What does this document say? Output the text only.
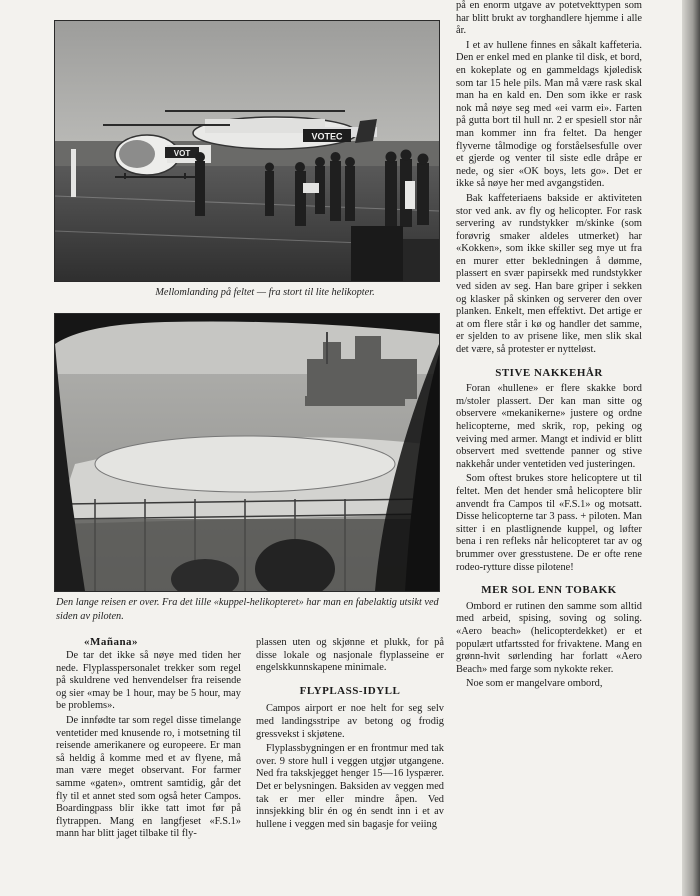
VOTEC
VOT
Mellomlanding på feltet — fra stort til lite helikopter.
Den lange reisen er over. Fra det lille «kuppel-helikopteret» har man en fabelaktig utsikt ved siden av piloten.
«Mañana»

De tar det ikke så nøye med tiden her nede. Flyplasspersonalet trekker som regel på skuldrene ved henvendelser fra reisende og sier «may be 1 hour, may be 5 hour, may be problems».

De innfødte tar som regel disse timelange ventetider med knusende ro, i motsetning til reisende amerikanere og europeere. Er man så heldig å komme med et av flyene, må man være meget observant. For farmer samme «gaten», omtrent samtidig, går det fly til et annet sted som også heter Campos. Boardingpass blir ikke tatt imot før på flytrappen. Mang en langfjeset «F.S.1» mann har blitt jaget tilbake til fly-

plassen uten og skjønne et plukk, for på disse lokale og nasjonale flyplasseine er engelskkunnskapene minimale.

FLYPLASS-IDYLL

Campos airport er noe helt for seg selv med landingsstripe av betong og frodig gressvekst i skjøtene.

Flyplassbygningen er en frontmur med tak over. 9 store hull i veggen utgjør utgangene. Ned fra takskjegget henger 15—16 lyspærer. Det er belysningen. Baksiden av veggen med tak er mer eller mindre åpen. Ved innsjekking blir én og én sendt inn i et av hullene i veggen med sin bagasje for veiing

på en enorm utgave av potetvekttypen som har blitt brukt av torghandlere hjemme i alle år.

I et av hullene finnes en såkalt kaffeteria. Den er enkel med en planke til disk, et bord, en kokeplate og en gammeldags kjøledisk som tar 15 hele pils. Man må være rask skal man ha en kald en. Den som ikke er rask nok må nøye seg med «ei varm ei». Farten på gutta bort til hull nr. 2 er spesiell stor når man kommer inn fra feltet. Da henger flyverne tålmodige og forståelsesfulle over et gjerde og venter til siste edle dråpe er nede, og sier «OK boys, lets go». Det er ikke så nøye her med avgangstiden.

Bak kaffeteriaens bakside er aktiviteten stor ved ank. av fly og helicopter. For rask servering av rundstykker m/skinke (som forøvrig smaker aldeles utmerket) har «Kokken», som ikke skiller seg mye ut fra en murer etter bekledningen å dømme, plassert en svær papirsekk med rundstykker ved siden av seg. Han bare griper i sekken og klasker på skinken og serverer den over planken. Enkelt, men effektivt. Det artige er at om flere står i kø og handler det samme, er sjelden to av prisene like, men slik skal det være, så protester er nytteløst.

STIVE NAKKEHÅR

Foran «hullene» er flere skakke bord m/stoler plassert. Der kan man sitte og observere «mekanikerne» justere og ordne helicopterne, med skrik, rop, peking og veiving med armer. Mangt et individ er blitt observert med svettende panner og stive nakkehår under ventetiden ved justeringen.

Som oftest brukes store helicoptere ut til feltet. Men det hender små helicoptere blir anvendt fra Campos til «F.S.1» og motsatt. Disse helicopterne tar 3 pass. + piloten. Man sitter i en plastlignende kuppel, og løfter bena i ren refleks når helicopteret tar av og brummer over gresstustene. De er ofte rene rodeo-rytture disse pilotene!

MER SOL ENN TOBAKK

Ombord er rutinen den samme som alltid med arbeid, spising, soving og soling. «Aero beach» (helicopterdekket) er et populært utfartssted for frivaktene. Mang en grønn-hvit sørlending har forlatt «Aero Beach» med farge som nykokte reker.

Noe som er mangelvare ombord,
